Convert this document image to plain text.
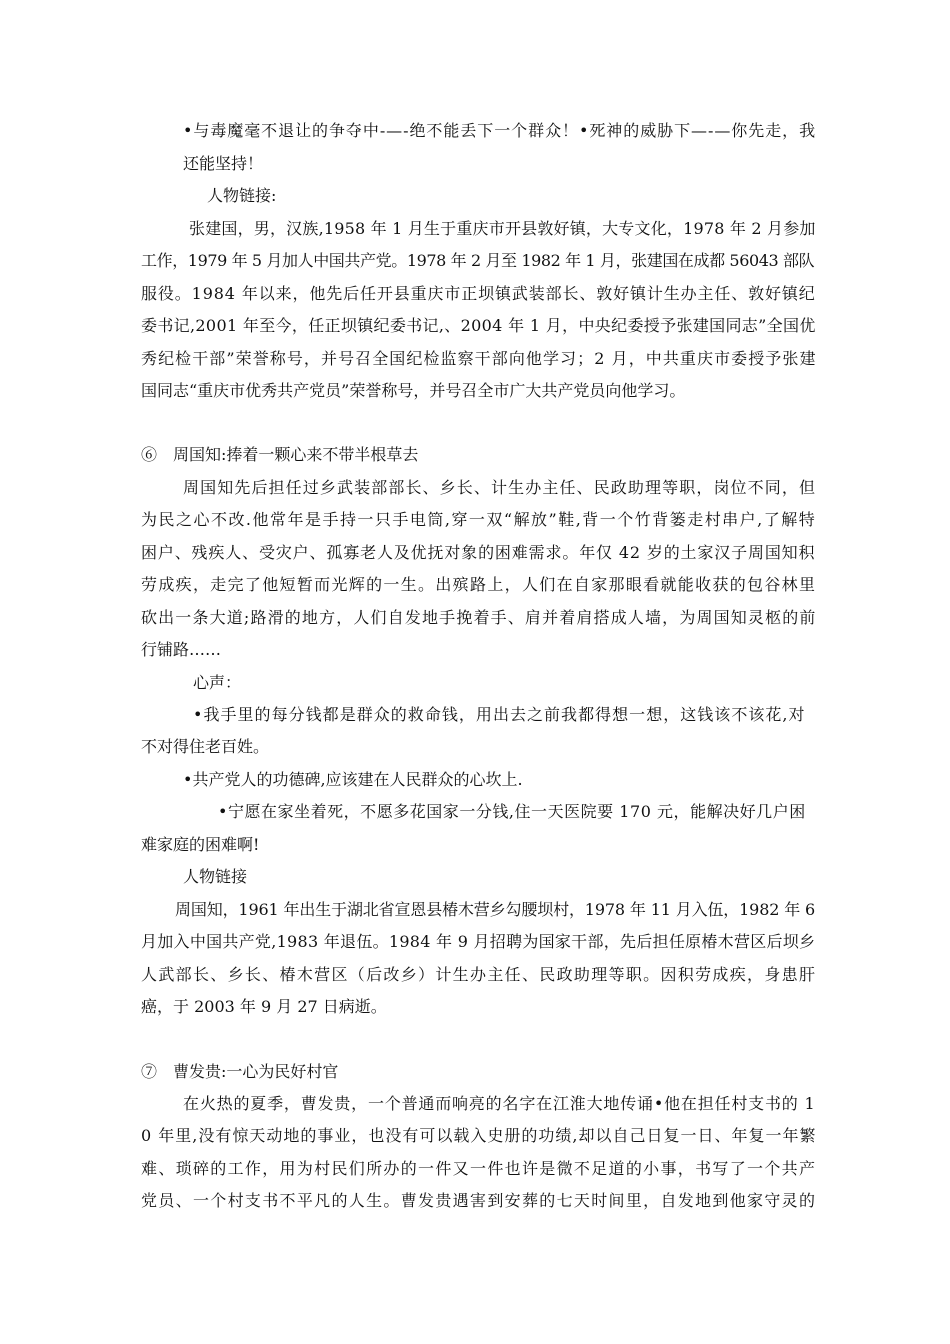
•与毒魔毫不退让的争夺中-—-绝不能丢下一个群众！•死神的威胁下—-—你先走，我
还能坚持！
人物链接:
张建国，男，汉族,1958 年 1 月生于重庆市开县敦好镇，大专文化，1978 年 2 月参加
工作，1979 年 5 月加人中国共产党。1978 年 2 月至 1982 年 1 月，张建国在成都 56043 部队
服役。1984 年以来，他先后任开县重庆市正坝镇武装部长、敦好镇计生办主任、敦好镇纪
委书记,2001 年至今，任正坝镇纪委书记,、2004 年 1 月，中央纪委授予张建国同志”全国优
秀纪检干部”荣誉称号，并号召全国纪检监察干部向他学习；2 月，中共重庆市委授予张建
国同志“重庆市优秀共产党员”荣誉称号，并号召全市广大共产党员向他学习。
⑥　周国知:捧着一颗心来不带半根草去
周国知先后担任过乡武装部部长、乡长、计生办主任、民政助理等职，岗位不同，但
为民之心不改.他常年是手持一只手电筒,穿一双“解放”鞋,背一个竹背篓走村串户,了解特
困户、残疾人、受灾户、孤寡老人及优抚对象的困难需求。年仅 42 岁的土家汉子周国知积
劳成疾，走完了他短暂而光辉的一生。出殡路上，人们在自家那眼看就能收获的包谷林里
砍出一条大道;路滑的地方，人们自发地手挽着手、肩并着肩搭成人墙，为周国知灵柩的前
行铺路……
心声：
•我手里的每分钱都是群众的救命钱，用出去之前我都得想一想，这钱该不该花,对
不对得住老百姓。
•共产党人的功德碑,应该建在人民群众的心坎上.
•宁愿在家坐着死，不愿多花国家一分钱,住一天医院要 170 元，能解决好几户困
难家庭的困难啊!
人物链接
周国知，1961 年出生于湖北省宣恩县椿木营乡勾腰坝村，1978 年 11 月入伍，1982 年 6
月加入中国共产党,1983 年退伍。1984 年 9 月招聘为国家干部，先后担任原椿木营区后坝乡
人武部长、乡长、椿木营区（后改乡）计生办主任、民政助理等职。因积劳成疾，身患肝
癌，于 2003 年 9 月 27 日病逝。
⑦　曹发贵:一心为民好村官
在火热的夏季，曹发贵，一个普通而响亮的名字在江淮大地传诵•他在担任村支书的 1
0 年里,没有惊天动地的事业，也没有可以载入史册的功绩,却以自己日复一日、年复一年繁
难、琐碎的工作，用为村民们所办的一件又一件也许是微不足道的小事，书写了一个共产
党员、一个村支书不平凡的人生。曹发贵遇害到安葬的七天时间里，自发地到他家守灵的
